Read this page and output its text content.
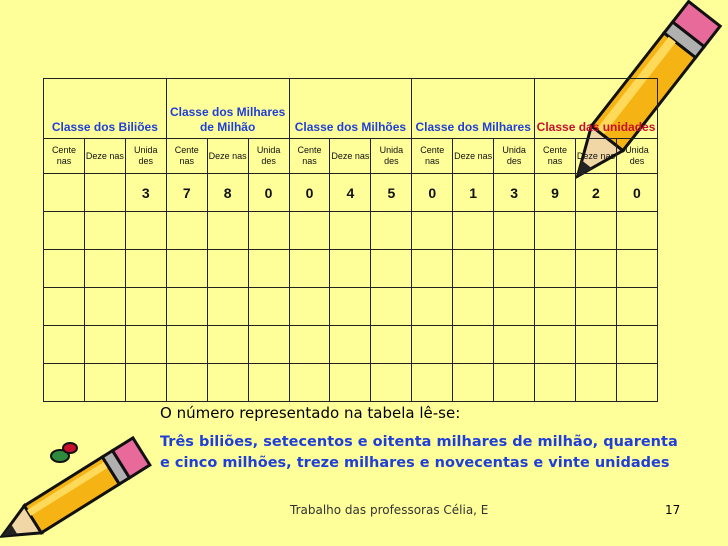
Classe dos Biliões			Classe dos Milhares de Milhão			Classe dos Milhões			Classe dos Milhares			Classe das unidades		
Cente nas	Deze nas	Unida des	Cente nas	Deze nas	Unida des	Cente nas	Deze nas	Unida des	Cente nas	Deze nas	Unida des	Cente nas	Deze nas	Unida des
		3	7	8	0	0	4	5	0	1	3	9	2	0

O número representado na tabela lê-se:

Três biliões, setecentos e oitenta milhares de milhão, quarenta e cinco milhões, treze milhares e novecentas e vinte unidades

Trabalho das professoras Célia, E	17
